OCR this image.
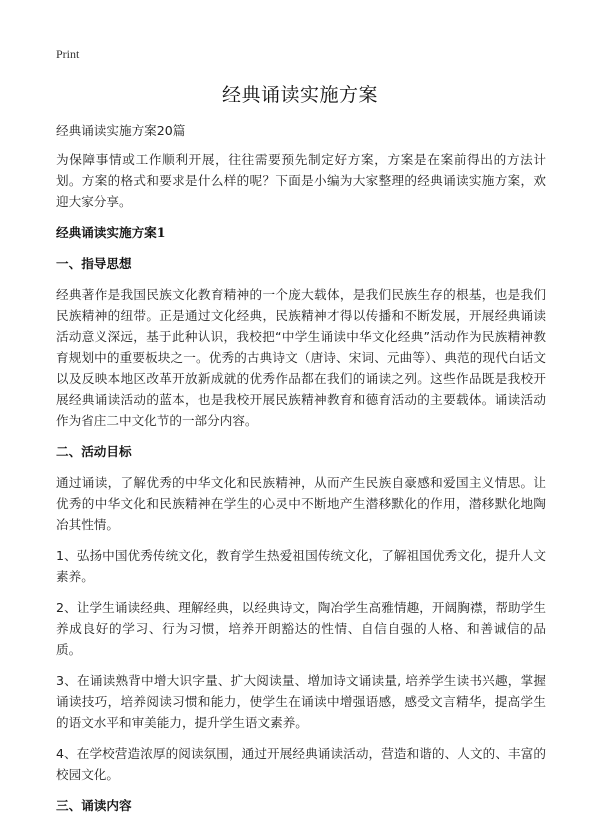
Print
经典诵读实施方案

经典诵读实施方案20篇

为保障事情或工作顺利开展，往往需要预先制定好方案，方案是在案前得出的方法计划。方案的格式和要求是什么样的呢？下面是小编为大家整理的经典诵读实施方案，欢迎大家分享。

经典诵读实施方案1

一、指导思想

经典著作是我国民族文化教育精神的一个庞大载体，是我们民族生存的根基，也是我们民族精神的纽带。正是通过文化经典，民族精神才得以传播和不断发展，开展经典诵读活动意义深远，基于此种认识，我校把“中学生诵读中华文化经典”活动作为民族精神教育规划中的重要板块之一。优秀的古典诗文（唐诗、宋词、元曲等）、典范的现代白话文以及反映本地区改革开放新成就的优秀作品都在我们的诵读之列。这些作品既是我校开展经典诵读活动的蓝本，也是我校开展民族精神教育和德育活动的主要载体。诵读活动作为省庄二中文化节的一部分内容。

二、活动目标

通过诵读，了解优秀的中华文化和民族精神，从而产生民族自豪感和爱国主义情思。让优秀的中华文化和民族精神在学生的心灵中不断地产生潜移默化的作用，潜移默化地陶冶其性情。

1、弘扬中国优秀传统文化，教育学生热爱祖国传统文化，了解祖国优秀文化，提升人文素养。

2、让学生诵读经典、理解经典，以经典诗文，陶冶学生高雅情趣，开阔胸襟，帮助学生养成良好的学习、行为习惯，培养开朗豁达的性情、自信自强的人格、和善诚信的品质。

3、在诵读熟背中增大识字量、扩大阅读量、增加诗文诵读量, 培养学生读书兴趣，掌握诵读技巧，培养阅读习惯和能力，使学生在诵读中增强语感，感受文言精华，提高学生的语文水平和审美能力，提升学生语文素养。

4、在学校营造浓厚的阅读氛围，通过开展经典诵读活动，营造和谐的、人文的、丰富的校园文化。

三、诵读内容
